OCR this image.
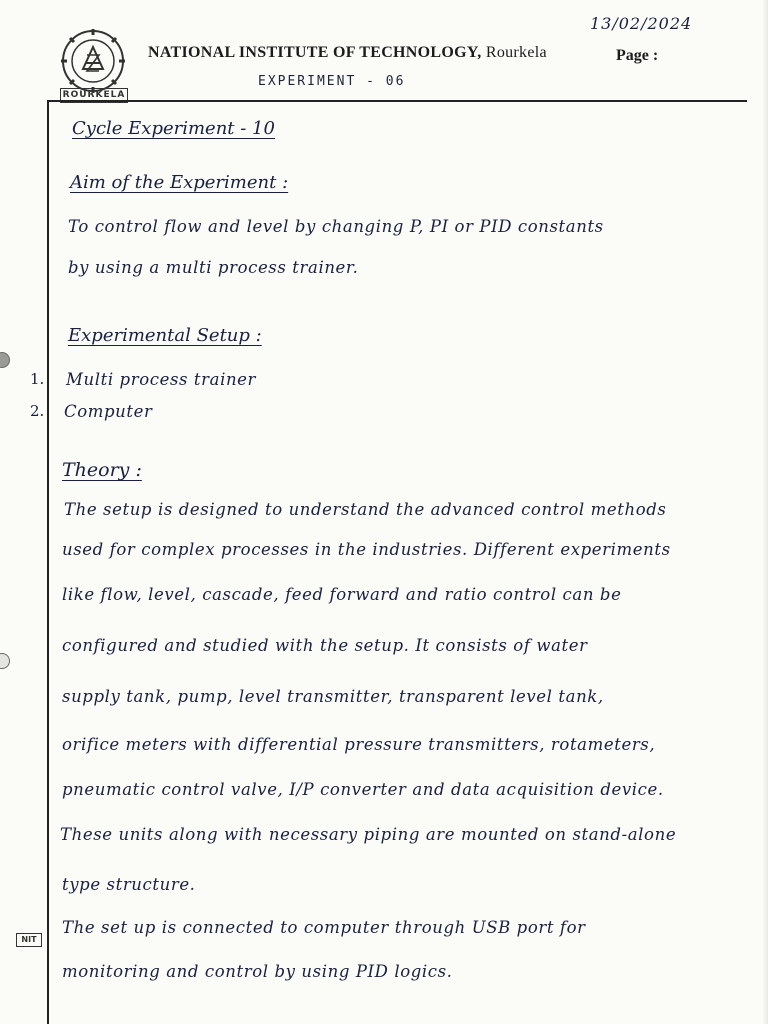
ROURKELA
13/02/2024
NATIONAL INSTITUTE OF TECHNOLOGY, Rourkela	Page :
EXPERIMENT - 06
Cycle Experiment - 10
Aim of the Experiment :
To control flow and level by changing P, PI or PID constants
by using a multi process trainer.
Experimental Setup :
1. Multi process trainer
2. Computer
Theory :
The setup is designed to understand the advanced control methods
used for complex processes in the industries. Different experiments
like flow, level, cascade, feed forward and ratio control can be
configured and studied with the setup. It consists of water
supply tank, pump, level transmitter, transparent level tank,
orifice meters with differential pressure transmitters, rotameters,
pneumatic control valve, I/P converter and data acquisition device.
These units along with necessary piping are mounted on stand-alone
type structure.
The set up is connected to computer through USB port for
monitoring and control by using PID logics.
NIT
